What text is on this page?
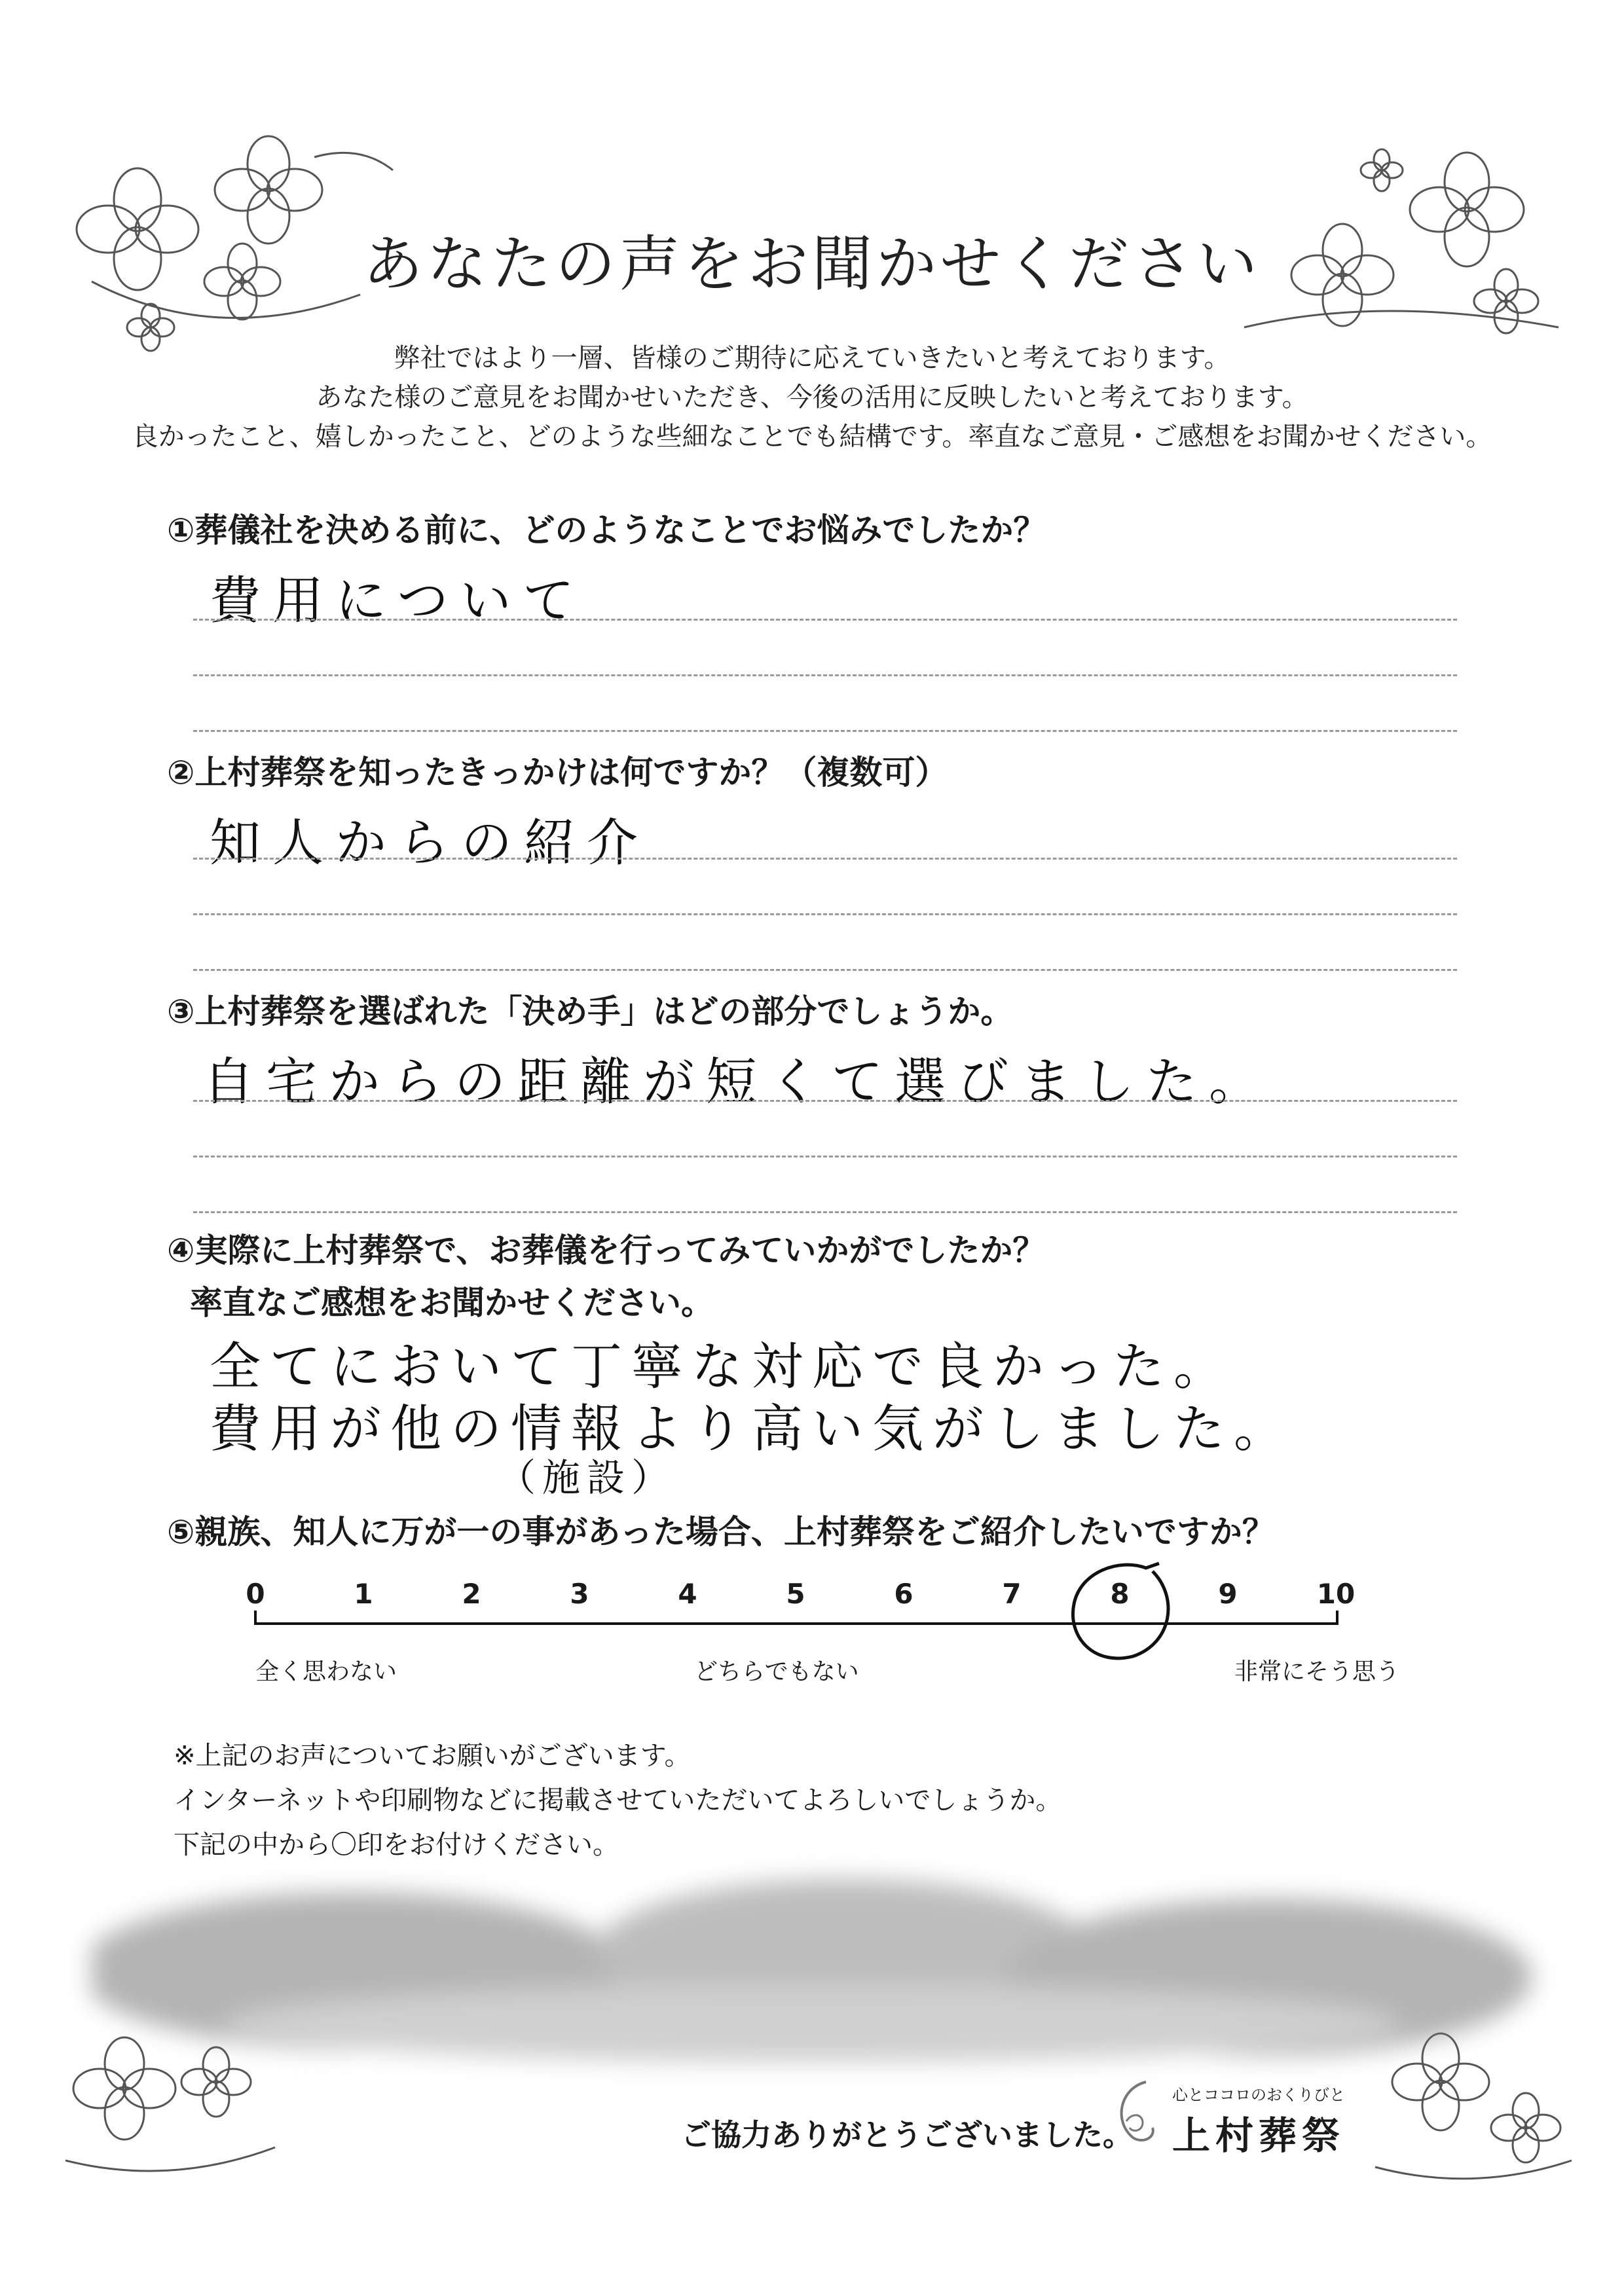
あなたの声をお聞かせください
弊社ではより一層、皆様のご期待に応えていきたいと考えております。
あなた様のご意見をお聞かせいただき、今後の活用に反映したいと考えております。
良かったこと、嬉しかったこと、どのような些細なことでも結構です。率直なご意見・ご感想をお聞かせください。
①葬儀社を決める前に、どのようなことでお悩みでしたか？
費用について
②上村葬祭を知ったきっかけは何ですか？（複数可）
知人からの紹介
③上村葬祭を選ばれた「決め手」はどの部分でしょうか。
自宅からの距離が短くて選びました。
④実際に上村葬祭で、お葬儀を行ってみていかがでしたか？
率直なご感想をお聞かせください。
全てにおいて丁寧な対応で良かった。
費用が他の情報より高い気がしました。
（施設）
⑤親族、知人に万が一の事があった場合、上村葬祭をご紹介したいですか？
0	1	2	3	4	5	6	7	8	9	10
全く思わない	どちらでもない	非常にそう思う
※上記のお声についてお願いがございます。
インターネットや印刷物などに掲載させていただいてよろしいでしょうか。
下記の中から〇印をお付けください。
ご協力ありがとうございました。
心とココロのおくりびと
上村葬祭
